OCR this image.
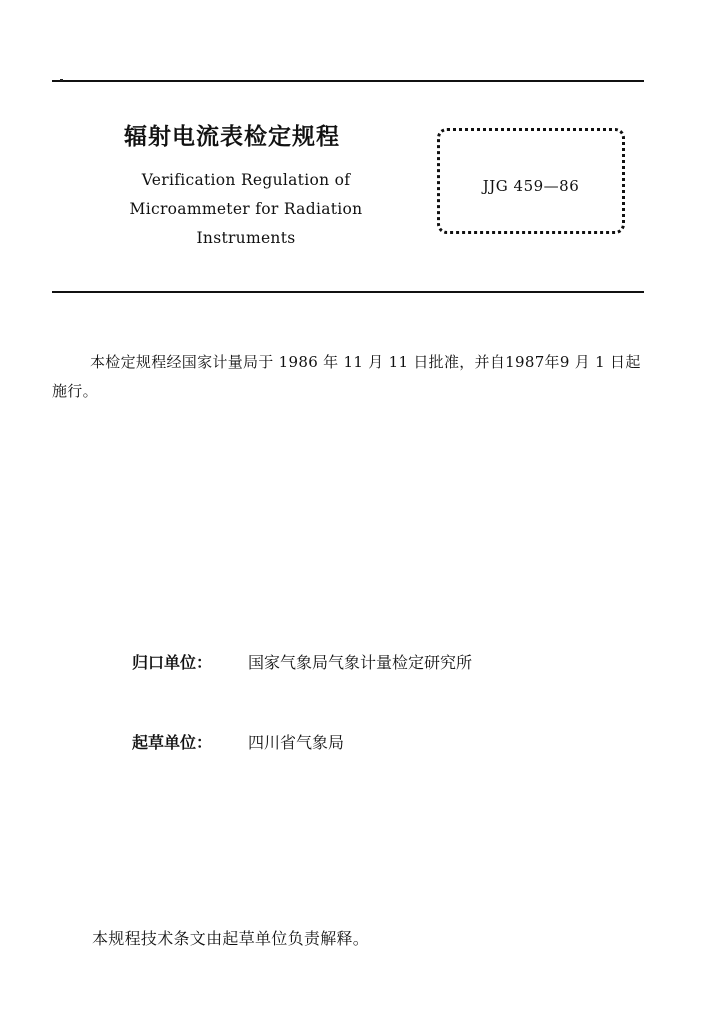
辐射电流表检定规程
Verification Regulation of Microammeter for Radiation Instruments
JJG 459—86
本检定规程经国家计量局于 1986 年 11 月 11 日批准，并自1987年9 月 1 日起施行。
归口单位： 国家气象局气象计量检定研究所
起草单位： 四川省气象局
本规程技术条文由起草单位负责解释。
